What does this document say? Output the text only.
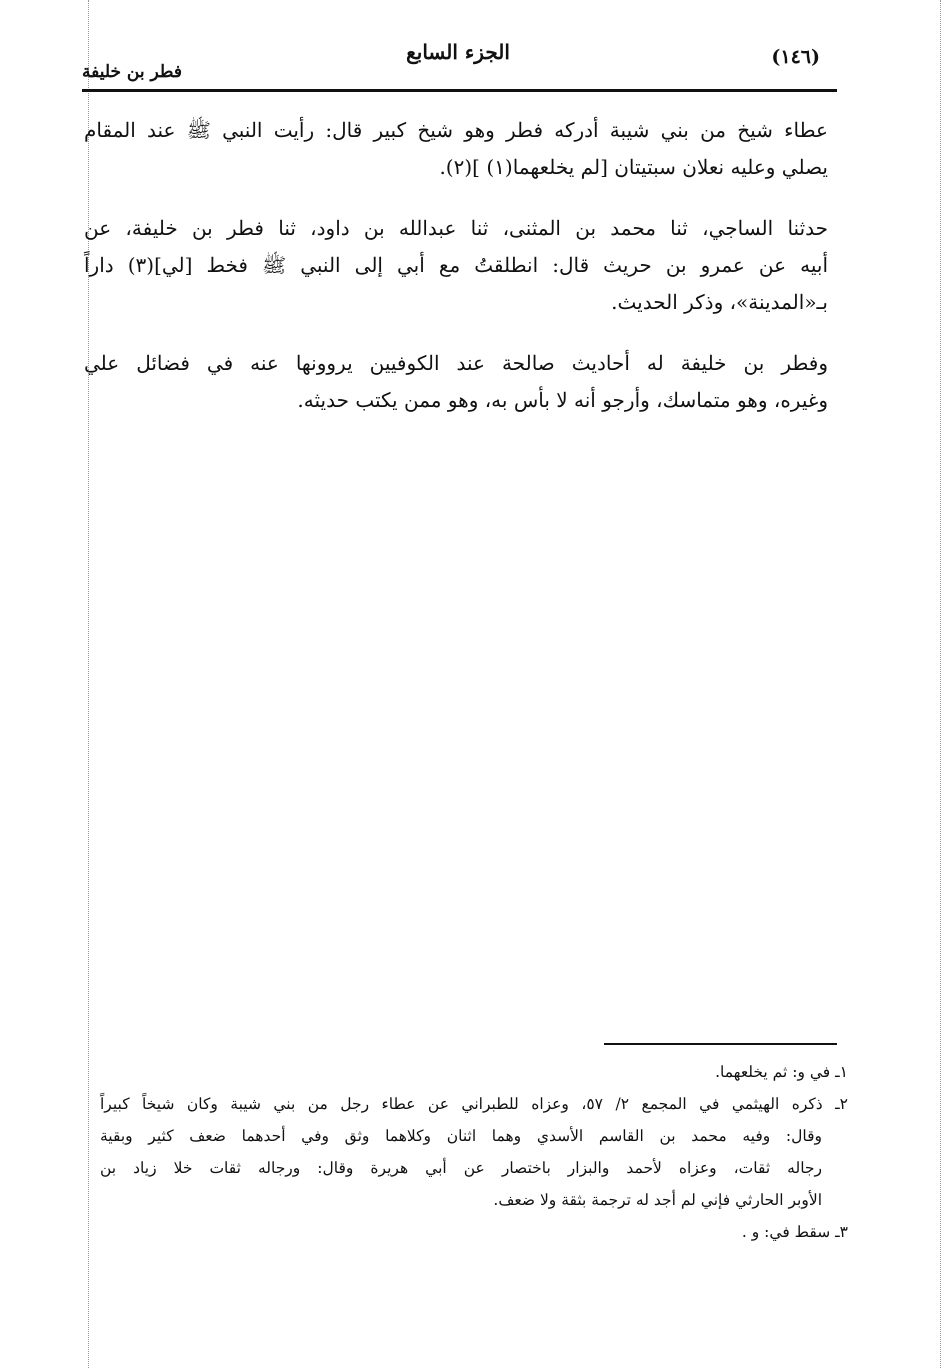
(١٤٦)
الجزء السابع
فطر بن خليفة

عطاء شيخ من بني شيبة أدركه فطر وهو شيخ كبير قال: رأيت النبي ﷺ عند المقام
يصلي وعليه نعلان سبتيتان [لم يخلعهما(١) ](٢).

حدثنا الساجي، ثنا محمد بن المثنى، ثنا عبدالله بن داود، ثنا فطر بن خليفة، عن
أبيه عن عمرو بن حريث قال: انطلقتُ مع أبي إلى النبي ﷺ فخط [لي](٣) داراً
بـ«المدينة»، وذكر الحديث.

وفطر بن خليفة له أحاديث صالحة عند الكوفيين يروونها عنه في فضائل علي
وغيره، وهو متماسك، وأرجو أنه لا بأس به، وهو ممن يكتب حديثه.

١ـ في و: ثم يخلعهما.

٢ـ ذكره الهيثمي في المجمع ٢/ ٥٧، وعزاه للطبراني عن عطاء رجل من بني شيبة وكان شيخاً كبيراً
وقال: وفيه محمد بن القاسم الأسدي وهما اثنان وكلاهما وثق وفي أحدهما ضعف كثير وبقية
رجاله ثقات، وعزاه لأحمد والبزار باختصار عن أبي هريرة وقال: ورجاله ثقات خلا زياد بن
الأوبر الحارثي فإني لم أجد له ترجمة بثقة ولا ضعف.

٣ـ سقط في: و .
